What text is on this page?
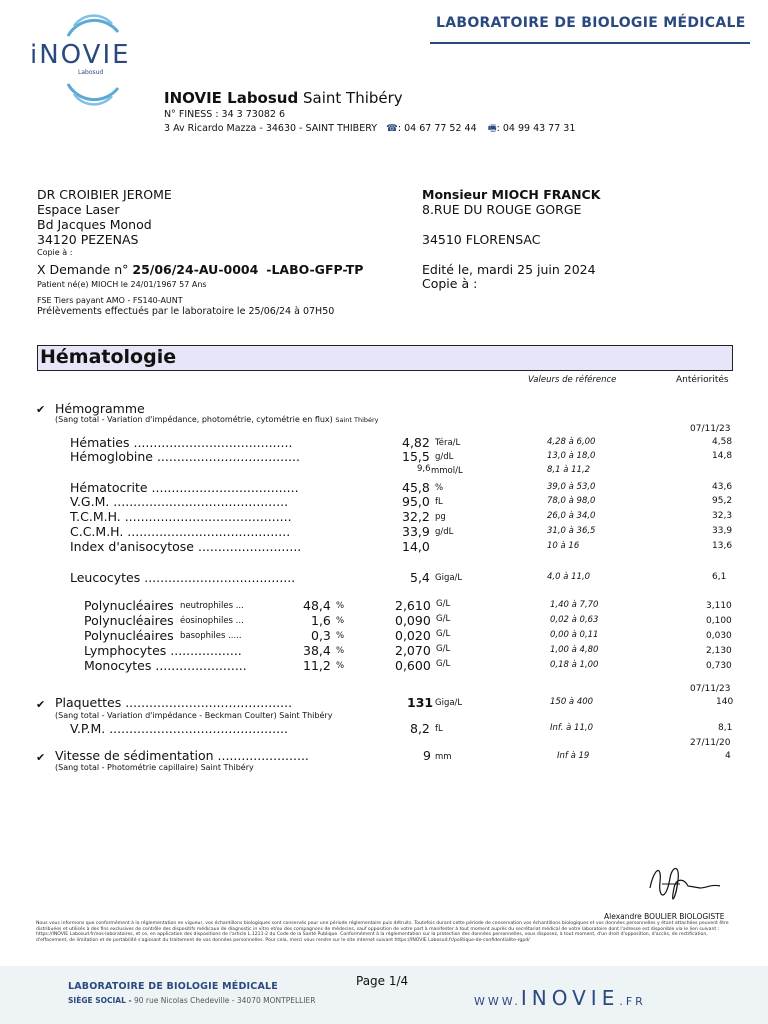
LABORATOIRE DE BIOLOGIE MÉDICALE
iNOVIE
Labosud
INOVIE Labosud Saint Thibéry
N° FINESS : 34 3 73082 6
3 Av Ricardo Mazza - 34630 - SAINT THIBERY ☎: 04 67 77 52 44 🖷: 04 99 43 77 31
DR CROIBIER JEROME
Espace Laser
Bd Jacques Monod
34120 PEZENAS
Copie à :
Monsieur MIOCH FRANCK
8.RUE DU ROUGE GORGE
34510 FLORENSAC
Edité le, mardi 25 juin 2024
Copie à :
X Demande n° 25/06/24-AU-0004 -LABO-GFP-TP
Patient né(e) MIOCH le 24/01/1967 57 Ans
FSE Tiers payant AMO - FS140-AUNT
Prélèvements effectués par le laboratoire le 25/06/24 à 07H50
Hématologie
Valeurs de référence	Antériorités
✔ Hémogramme
(Sang total - Variation d'impédance, photométrie, cytométrie en flux) Saint Thibéry
07/11/23
Hématies ........................................	4,82 Téra/L	4,28 à 6,00	4,58
Hémoglobine ....................................	15,5 g/dL	13,0 à 18,0	14,8
9,6 mmol/L	8,1 à 11,2
Hématocrite .....................................	45,8 %	39,0 à 53,0	43,6
V.G.M. ............................................	95,0 fL	78,0 à 98,0	95,2
T.C.M.H. ..........................................	32,2 pg	26,0 à 34,0	32,3
C.C.M.H. .........................................	33,9 g/dL	31,0 à 36,5	33,9
Index d'anisocytose ..........................	14,0	10 à 16	13,6
Leucocytes ......................................	5,4 Giga/L	4,0 à 11,0	6,1
Polynucléaires neutrophiles ...	48,4 %	2,610 G/L	1,40 à 7,70	3,110
Polynucléaires éosinophiles ...	1,6 %	0,090 G/L	0,02 à 0,63	0,100
Polynucléaires basophiles .....	0,3 %	0,020 G/L	0,00 à 0,11	0,030
Lymphocytes ..................	38,4 %	2,070 G/L	1,00 à 4,80	2,130
Monocytes .......................	11,2 %	0,600 G/L	0,18 à 1,00	0,730
07/11/23
✔ Plaquettes ..........................................	131 Giga/L	150 à 400	140
(Sang total - Variation d'impédance - Beckman Coulter) Saint Thibéry
V.P.M. .............................................	8,2 fL	Inf. à 11,0	8,1
27/11/20
✔ Vitesse de sédimentation .......................	9 mm	Inf à 19	4
(Sang total - Photométrie capillaire) Saint Thibéry
Alexandre BOULIER BIOLOGISTE
Nous vous informons que conformément à la réglementation en vigueur, vos échantillons biologiques sont conservés pour une période réglementaire puis détruits. Toutefois durant cette période de conservation vos échantillons biologiques et vos données personnelles y étant attachées peuvent être distribuées et utilisés à des fins exclusives de contrôle des dispositifs médicaux de diagnostic in vitro et/ou des compagnons de médecins, sauf opposition de votre part à manifester à tout moment auprès du secrétariat médical de votre laboratoire dont l'adresse est disponible via le lien suivant : https://INOVIE Labosud.fr/nos-laboratoires, et ce, en application des dispositions de l'article L.1211-2 du Code de la Santé Publique. Conformément à la réglementation sur la protection des données personnelles, vous disposez, à tout moment, d'un droit d'opposition, d'accès, de rectification, d'effacement, de limitation et de portabilité s'agissant du traitement de vos données personnelles. Pour cela, merci vous rendre sur le site internet suivant https://INOVIE Labosud.fr/politique-de-confidentialite-rgpd/
LABORATOIRE DE BIOLOGIE MÉDICALE
SIÈGE SOCIAL - 90 rue Nicolas Chedeville - 34070 MONTPELLIER
Page 1/4
WWW.INOVIE.FR
